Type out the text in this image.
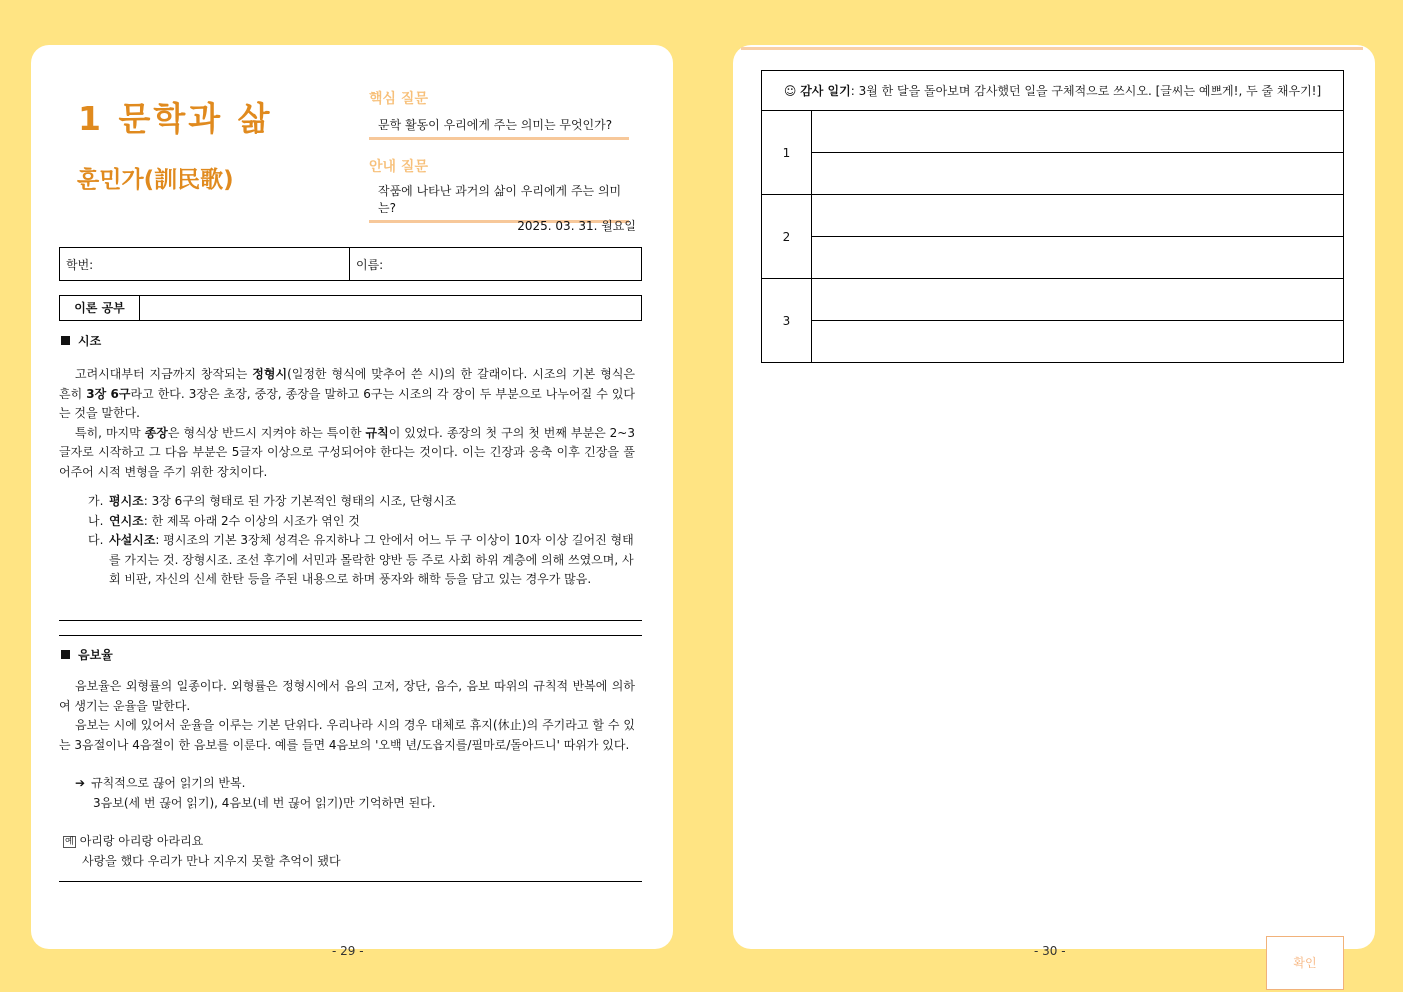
1 문학과 삶
훈민가(訓民歌)
핵심 질문
문학 활동이 우리에게 주는 의미는 무엇인가?
안내 질문
작품에 나타난 과거의 삶이 우리에게 주는 의미는?
2025. 03. 31. 월요일
학번:	이름:
이론 공부
시조

고려시대부터 지금까지 창작되는 정형시(일정한 형식에 맞추어 쓴 시)의 한 갈래이다. 시조의 기본 형식은 흔히 3장 6구라고 한다. 3장은 초장, 중장, 종장을 말하고 6구는 시조의 각 장이 두 부분으로 나누어질 수 있다는 것을 말한다.

특히, 마지막 종장은 형식상 반드시 지켜야 하는 특이한 규칙이 있었다. 종장의 첫 구의 첫 번째 부분은 2~3글자로 시작하고 그 다음 부분은 5글자 이상으로 구성되어야 한다는 것이다. 이는 긴장과 응축 이후 긴장을 풀어주어 시적 변형을 주기 위한 장치이다.

가. 평시조: 3장 6구의 형태로 된 가장 기본적인 형태의 시조, 단형시조
나. 연시조: 한 제목 아래 2수 이상의 시조가 엮인 것
다. 사설시조: 평시조의 기본 3장체 성격은 유지하나 그 안에서 어느 두 구 이상이 10자 이상 길어진 형태를 가지는 것. 장형시조. 조선 후기에 서민과 몰락한 양반 등 주로 사회 하위 계층에 의해 쓰였으며, 사회 비판, 자신의 신세 한탄 등을 주된 내용으로 하며 풍자와 해학 등을 담고 있는 경우가 많음.
음보율

음보율은 외형률의 일종이다. 외형률은 정형시에서 음의 고저, 장단, 음수, 음보 따위의 규칙적 반복에 의하여 생기는 운율을 말한다.

음보는 시에 있어서 운율을 이루는 기본 단위다. 우리나라 시의 경우 대체로 휴지(休止)의 주기라고 할 수 있는 3음절이나 4음절이 한 음보를 이룬다. 예를 들면 4음보의 '오백 년/도읍지를/필마로/돌아드니' 따위가 있다.

➔ 규칙적으로 끊어 읽기의 반복.
3음보(세 번 끊어 읽기), 4음보(네 번 끊어 읽기)만 기억하면 된다.
예 아리랑 아리랑 아라리요
사랑을 했다 우리가 만나 지우지 못할 추억이 됐다
- 29 -
☺ 감사 일기: 3월 한 달을 돌아보며 감사했던 일을 구체적으로 쓰시오. [글씨는 예쁘게!, 두 줄 채우기!]	
1	

2	

3	

- 30 -
확인
